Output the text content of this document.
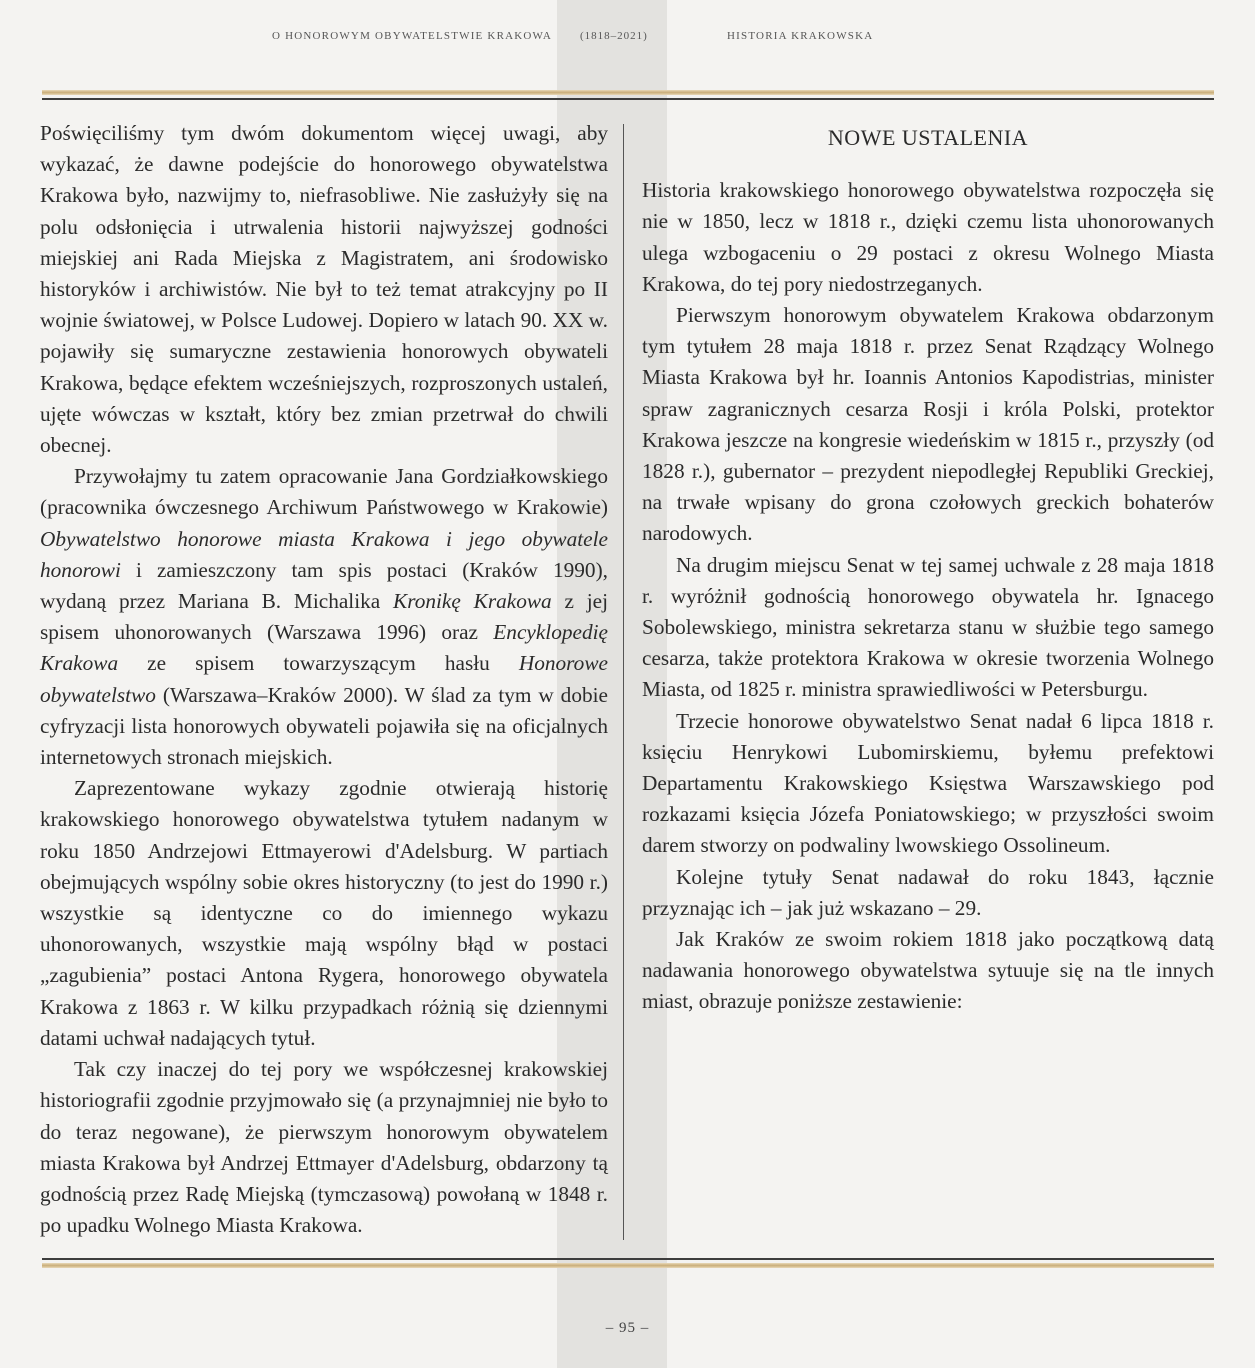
O HONOROWYM OBYWATELSTWIE KRAKOWA	(1818–2021)	HISTORIA KRAKOWSKA

Poświęciliśmy tym dwóm dokumentom więcej uwagi, aby wykazać, że dawne podejście do honorowego obywatelstwa Krakowa było, nazwijmy to, niefrasobliwe. Nie zasłużyły się na polu odsłonięcia i utrwalenia historii najwyższej godności miejskiej ani Rada Miejska z Magistratem, ani środowisko historyków i archiwistów. Nie był to też temat atrakcyjny po II wojnie światowej, w Polsce Ludowej. Dopiero w latach 90. XX w. pojawiły się sumaryczne zestawienia honorowych obywateli Krakowa, będące efektem wcześniejszych, rozproszonych ustaleń, ujęte wówczas w kształt, który bez zmian przetrwał do chwili obecnej.

Przywołajmy tu zatem opracowanie Jana Gordziałkowskiego (pracownika ówczesnego Archiwum Państwowego w Krakowie) Obywatelstwo honorowe miasta Krakowa i jego obywatele honorowi i zamieszczony tam spis postaci (Kraków 1990), wydaną przez Mariana B. Michalika Kronikę Krakowa z jej spisem uhonorowanych (Warszawa 1996) oraz Encyklopedię Krakowa ze spisem towarzyszącym hasłu Honorowe obywatelstwo (Warszawa–Kraków 2000). W ślad za tym w dobie cyfryzacji lista honorowych obywateli pojawiła się na oficjalnych internetowych stronach miejskich.

Zaprezentowane wykazy zgodnie otwierają historię krakowskiego honorowego obywatelstwa tytułem nadanym w roku 1850 Andrzejowi Ettmayerowi d'Adelsburg. W partiach obejmujących wspólny sobie okres historyczny (to jest do 1990 r.) wszystkie są identyczne co do imiennego wykazu uhonorowanych, wszystkie mają wspólny błąd w postaci „zagubienia” postaci Antona Rygera, honorowego obywatela Krakowa z 1863 r. W kilku przypadkach różnią się dziennymi datami uchwał nadających tytuł.

Tak czy inaczej do tej pory we współczesnej krakowskiej historiografii zgodnie przyjmowało się (a przynajmniej nie było to do teraz negowane), że pierwszym honorowym obywatelem miasta Krakowa był Andrzej Ettmayer d'Adelsburg, obdarzony tą godnością przez Radę Miejską (tymczasową) powołaną w 1848 r. po upadku Wolnego Miasta Krakowa.

NOWE USTALENIA

Historia krakowskiego honorowego obywatelstwa rozpoczęła się nie w 1850, lecz w 1818 r., dzięki czemu lista uhonorowanych ulega wzbogaceniu o 29 postaci z okresu Wolnego Miasta Krakowa, do tej pory niedostrzeganych.

Pierwszym honorowym obywatelem Krakowa obdarzonym tym tytułem 28 maja 1818 r. przez Senat Rządzący Wolnego Miasta Krakowa był hr. Ioannis Antonios Kapodistrias, minister spraw zagranicznych cesarza Rosji i króla Polski, protektor Krakowa jeszcze na kongresie wiedeńskim w 1815 r., przyszły (od 1828 r.), gubernator – prezydent niepodległej Republiki Greckiej, na trwałe wpisany do grona czołowych greckich bohaterów narodowych.

Na drugim miejscu Senat w tej samej uchwale z 28 maja 1818 r. wyróżnił godnością honorowego obywatela hr. Ignacego Sobolewskiego, ministra sekretarza stanu w służbie tego samego cesarza, także protektora Krakowa w okresie tworzenia Wolnego Miasta, od 1825 r. ministra sprawiedliwości w Petersburgu.

Trzecie honorowe obywatelstwo Senat nadał 6 lipca 1818 r. księciu Henrykowi Lubomirskiemu, byłemu prefektowi Departamentu Krakowskiego Księstwa Warszawskiego pod rozkazami księcia Józefa Poniatowskiego; w przyszłości swoim darem stworzy on podwaliny lwowskiego Ossolineum.

Kolejne tytuły Senat nadawał do roku 1843, łącznie przyznając ich – jak już wskazano – 29.

Jak Kraków ze swoim rokiem 1818 jako początkową datą nadawania honorowego obywatelstwa sytuuje się na tle innych miast, obrazuje poniższe zestawienie:

– 95 –
